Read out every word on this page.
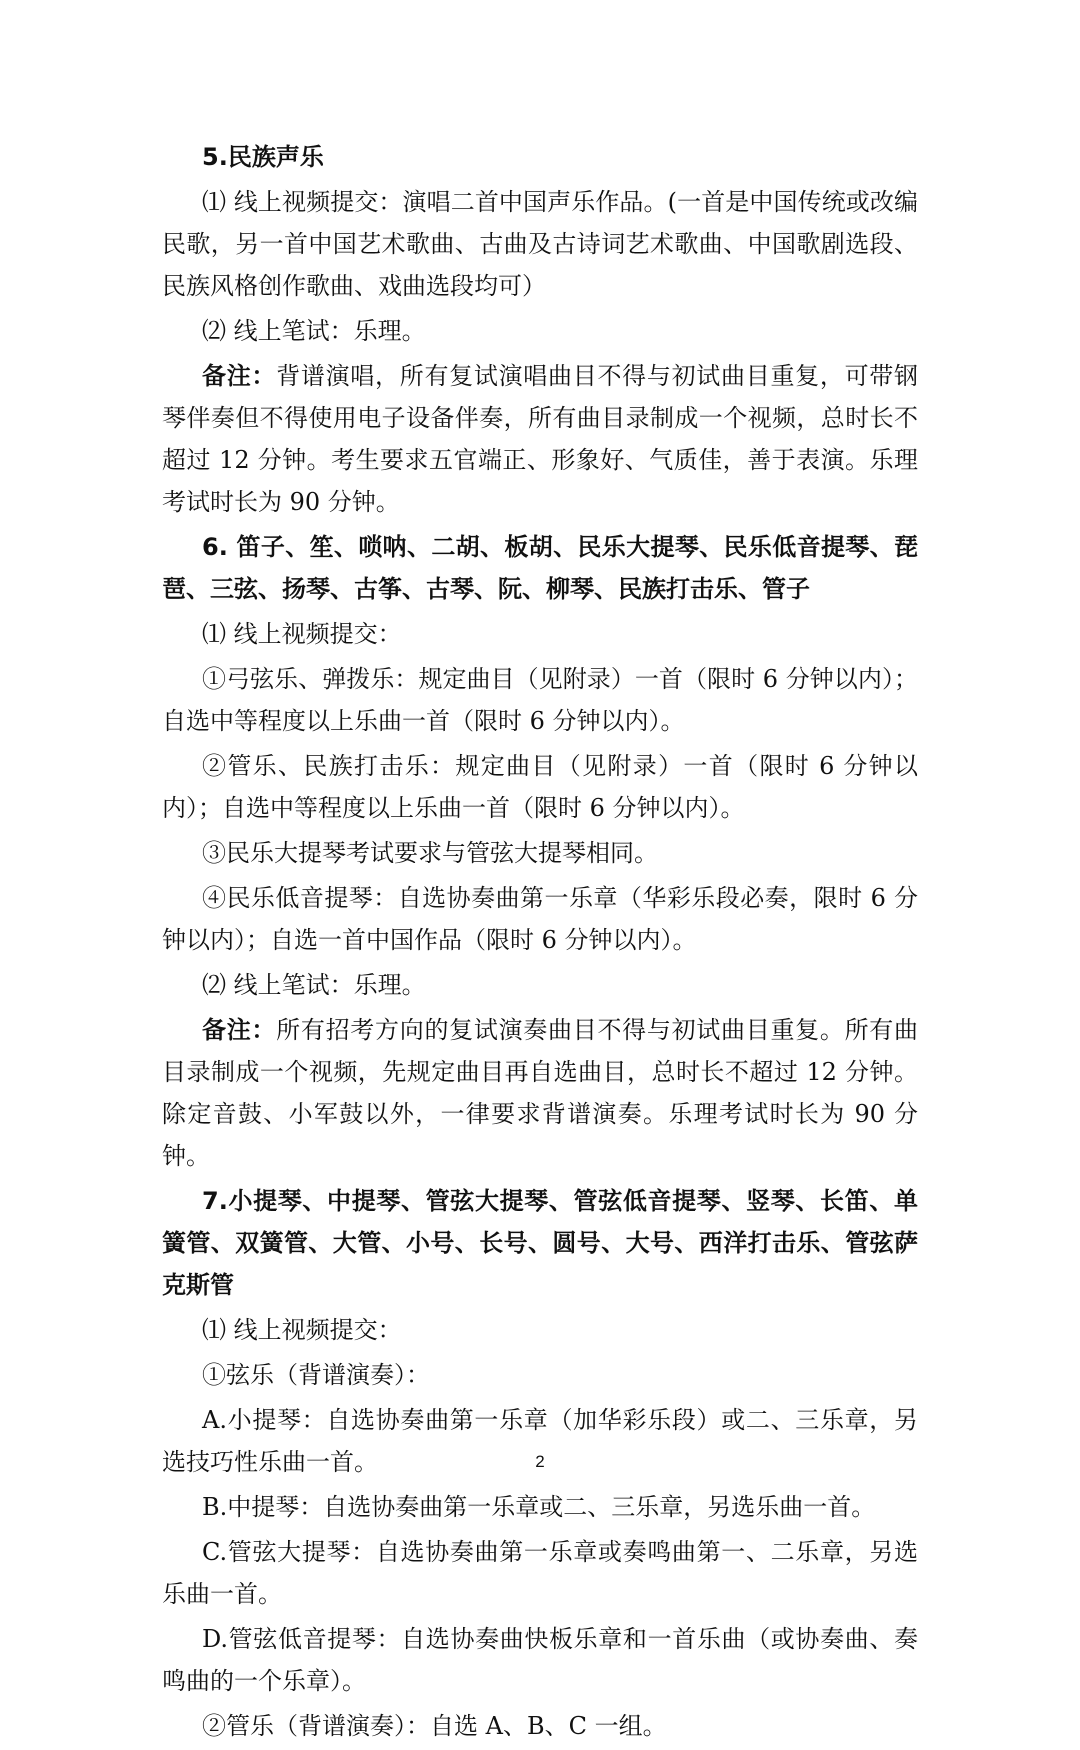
5.民族声乐

⑴ 线上视频提交：演唱二首中国声乐作品。(一首是中国传统或改编民歌，另一首中国艺术歌曲、古曲及古诗词艺术歌曲、中国歌剧选段、民族风格创作歌曲、戏曲选段均可）

⑵ 线上笔试：乐理。

备注：背谱演唱，所有复试演唱曲目不得与初试曲目重复，可带钢琴伴奏但不得使用电子设备伴奏，所有曲目录制成一个视频，总时长不超过 12 分钟。考生要求五官端正、形象好、气质佳，善于表演。乐理考试时长为 90 分钟。

6. 笛子、笙、唢呐、二胡、板胡、民乐大提琴、民乐低音提琴、琵琶、三弦、扬琴、古筝、古琴、阮、柳琴、民族打击乐、管子

⑴ 线上视频提交：

①弓弦乐、弹拨乐：规定曲目（见附录）一首（限时 6 分钟以内）；自选中等程度以上乐曲一首（限时 6 分钟以内）。

②管乐、民族打击乐：规定曲目（见附录）一首（限时 6 分钟以内）；自选中等程度以上乐曲一首（限时 6 分钟以内）。

③民乐大提琴考试要求与管弦大提琴相同。

④民乐低音提琴：自选协奏曲第一乐章（华彩乐段必奏，限时 6 分钟以内）；自选一首中国作品（限时 6 分钟以内）。

⑵ 线上笔试：乐理。

备注：所有招考方向的复试演奏曲目不得与初试曲目重复。所有曲目录制成一个视频，先规定曲目再自选曲目，总时长不超过 12 分钟。除定音鼓、小军鼓以外，一律要求背谱演奏。乐理考试时长为 90 分钟。

7.小提琴、中提琴、管弦大提琴、管弦低音提琴、竖琴、长笛、单簧管、双簧管、大管、小号、长号、圆号、大号、西洋打击乐、管弦萨克斯管

⑴ 线上视频提交：

①弦乐（背谱演奏）：

A.小提琴：自选协奏曲第一乐章（加华彩乐段）或二、三乐章，另选技巧性乐曲一首。

B.中提琴：自选协奏曲第一乐章或二、三乐章，另选乐曲一首。

C.管弦大提琴：自选协奏曲第一乐章或奏鸣曲第一、二乐章，另选乐曲一首。

D.管弦低音提琴：自选协奏曲快板乐章和一首乐曲（或协奏曲、奏鸣曲的一个乐章）。

②管乐（背谱演奏）：自选 A、B、C 一组。

2
